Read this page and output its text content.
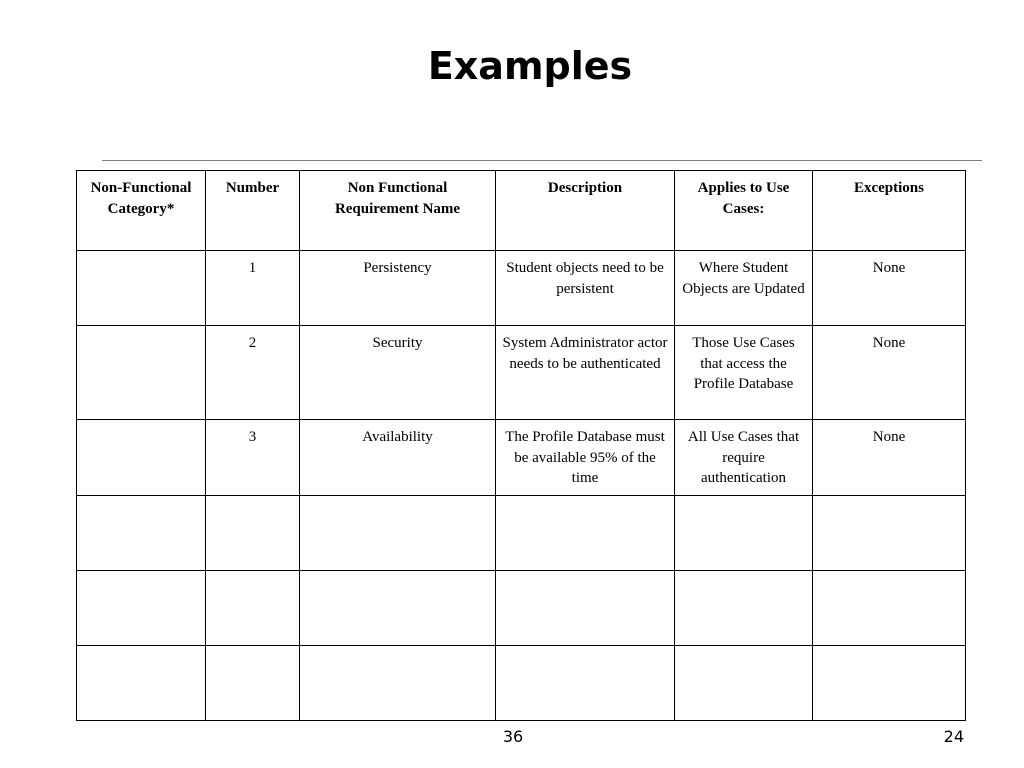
Examples
Non-Functional Category*	Number	Non Functional Requirement Name	Description	Applies to Use Cases:	Exceptions
	1	Persistency	Student objects need to be persistent	Where Student Objects are Updated	None
	2	Security	System Administrator actor needs to be authenticated	Those Use Cases that access the Profile Database	None
	3	Availability	The Profile Database must be available 95% of the time	All Use Cases that require authentication	None

36	24
